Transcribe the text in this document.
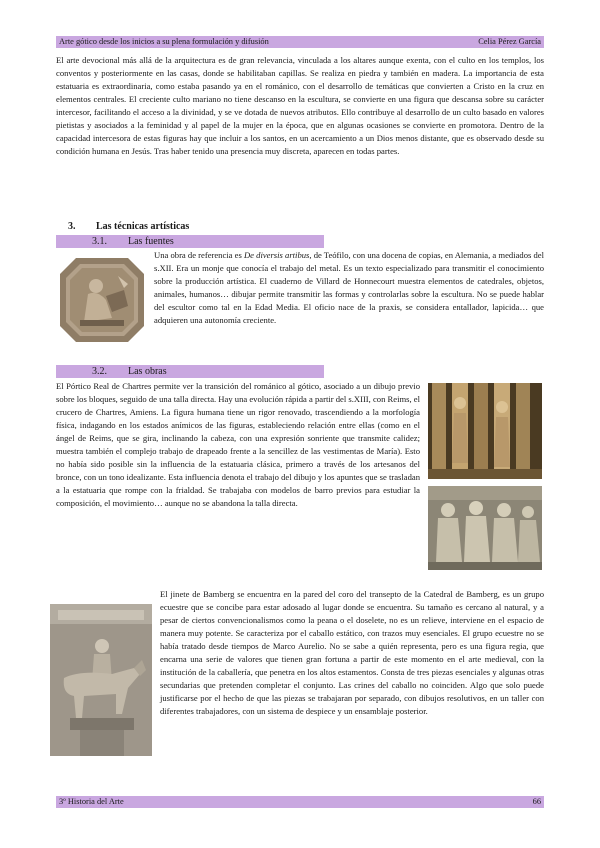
Arte gótico desde los inicios a su plena formulación y difusión	Celia Pérez García

El arte devocional más allá de la arquitectura es de gran relevancia, vinculada a los altares aunque exenta, con el culto en los templos, los conventos y posteriormente en las casas, donde se habilitaban capillas. Se realiza en piedra y también en madera. La importancia de esta estatuaria es extraordinaria, como estaba pasando ya en el románico, con el desarrollo de temáticas que convierten a Cristo en la cruz en elementos centrales. El creciente culto mariano no tiene descanso en la escultura, se convierte en una figura que descansa sobre su carácter intercesor, facilitando el acceso a la divinidad, y se ve dotada de nuevos atributos. Ello contribuye al desarrollo de un culto basado en valores pietistas y asociados a la feminidad y al papel de la mujer en la época, que en algunas ocasiones se convierte en promotora. Dentro de la capacidad intercesora de estas figuras hay que incluir a los santos, en un acercamiento a un Dios menos distante, que es observado desde su condición humana en Jesús. Tras haber tenido una presencia muy discreta, aparecen en todas partes.

3. Las técnicas artísticas
3.1. Las fuentes

Una obra de referencia es De diversis artibus, de Teófilo, con una docena de copias, en Alemania, a mediados del s.XII. Era un monje que conocía el trabajo del metal. Es un texto especializado para transmitir el conocimiento sobre la producción artística. El cuaderno de Villard de Honnecourt muestra elementos de catedrales, objetos, animales, humanos… dibujar permite transmitir las formas y controlarlas sobre la escultura. No se puede hablar del escultor como tal en la Edad Media. El oficio nace de la praxis, se considera entallador, lapicida… que adquieren una autonomía creciente.

3.2. Las obras

El Pórtico Real de Chartres permite ver la transición del románico al gótico, asociado a un dibujo previo sobre los bloques, seguido de una talla directa. Hay una evolución rápida a partir del s.XIII, con Reims, el crucero de Chartres, Amiens. La figura humana tiene un rigor renovado, trascendiendo a la morfología física, indagando en los estados anímicos de las figuras, estableciendo relación entre ellas (como en el ángel de Reims, que se gira, inclinando la cabeza, con una expresión sonriente que transmite calidez; muestra también el complejo trabajo de drapeado frente a la sencillez de las vestimentas de María). Esto no había sido posible sin la influencia de la estatuaria clásica, primero a través de los artesanos del bronce, con un tono idealizante. Esta influencia denota el trabajo del dibujo y los apuntes que se trasladan a la estatuaria que rompe con la frialdad. Se trabajaba con modelos de barro previos para estudiar la composición, el movimiento… aunque no se abandona la talla directa.

El jinete de Bamberg se encuentra en la pared del coro del transepto de la Catedral de Bamberg, es un grupo ecuestre que se concibe para estar adosado al lugar donde se encuentra. Su tamaño es cercano al natural, y a pesar de ciertos convencionalismos como la peana o el doselete, no es un relieve, interviene en el espacio de manera muy potente. Se caracteriza por el caballo estático, con trazos muy esenciales. El grupo ecuestre no se había tratado desde tiempos de Marco Aurelio. No se sabe a quién representa, pero es una figura regia, que encarna una serie de valores que tienen gran fortuna a partir de este momento en el arte medieval, con la institución de la caballería, que penetra en los altos estamentos. Consta de tres piezas esenciales y algunas otras secundarias que pretenden completar el conjunto. Las crines del caballo no coinciden. Algo que solo puede justificarse por el hecho de que las piezas se trabajaran por separado, con dibujos resolutivos, en un taller con diferentes trabajadores, con un sistema de despiece y un ensamblaje posterior.

3º Historia del Arte	66
